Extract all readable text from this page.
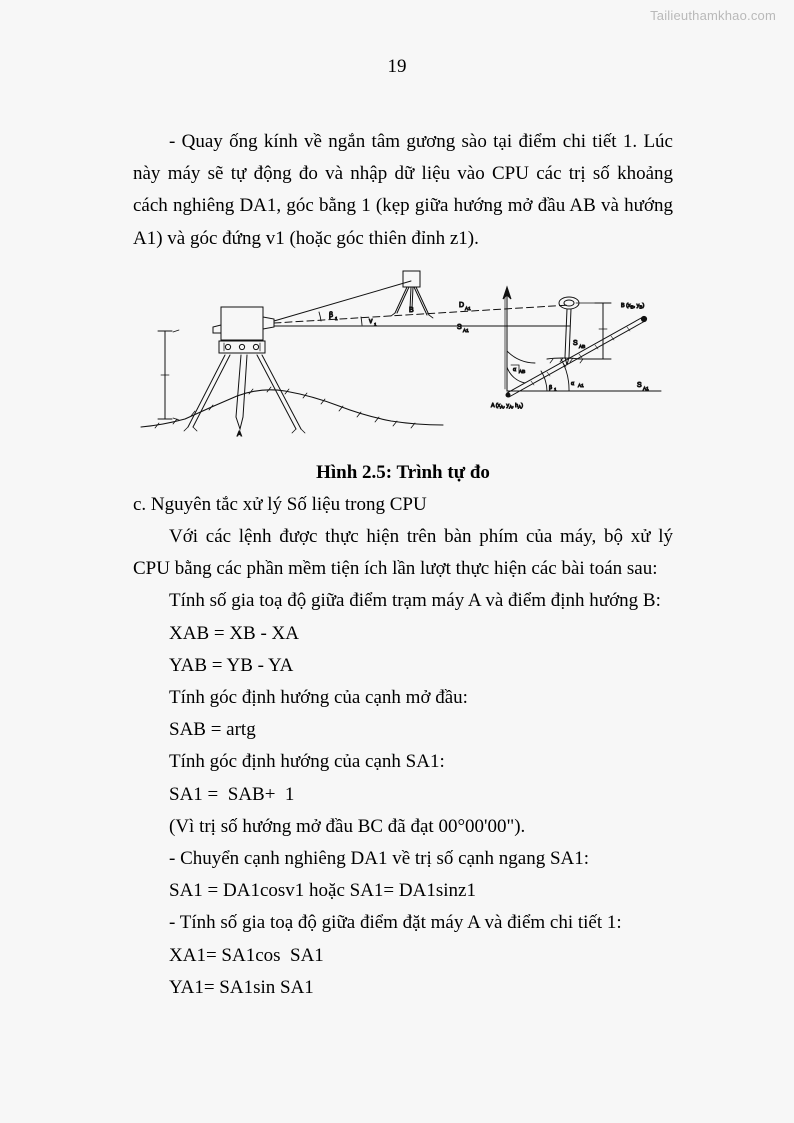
Tailieuthamkhao.com
19

- Quay ống kính về ngắn tâm gương sào tại điểm chi tiết 1. Lúc này máy sẽ tự động đo và nhập dữ liệu vào CPU các trị số khoảng cách nghiêng DA1, góc bằng 1 (kẹp giữa hướng mở đầu AB và hướng A1) và góc đứng v1 (hoặc góc thiên đỉnh z1).

β 1	v 1
D A1
S A1
A
B
α AB
β 1
α A1
S AB
S A1
A (xA, yA, hA)
B (xB, yB)

Hình 2.5: Trình tự đo

c. Nguyên tắc xử lý Số liệu trong CPU

Với các lệnh được thực hiện trên bàn phím của máy, bộ xử lý CPU bằng các phần mềm tiện ích lần lượt thực hiện các bài toán sau:

Tính số gia toạ độ giữa điểm trạm máy A và điểm định hướng B:
XAB = XB - XA
YAB = YB - YA
Tính góc định hướng của cạnh mở đầu:
SAB = artg
Tính góc định hướng của cạnh SA1:
SA1 =  SAB+  1
(Vì trị số hướng mở đầu BC đã đạt 00°00'00").
- Chuyển cạnh nghiêng DA1 về trị số cạnh ngang SA1:
SA1 = DA1cosv1 hoặc SA1= DA1sinz1
- Tính số gia toạ độ giữa điểm đặt máy A và điểm chi tiết 1:
XA1= SA1cos  SA1
YA1= SA1sin SA1
